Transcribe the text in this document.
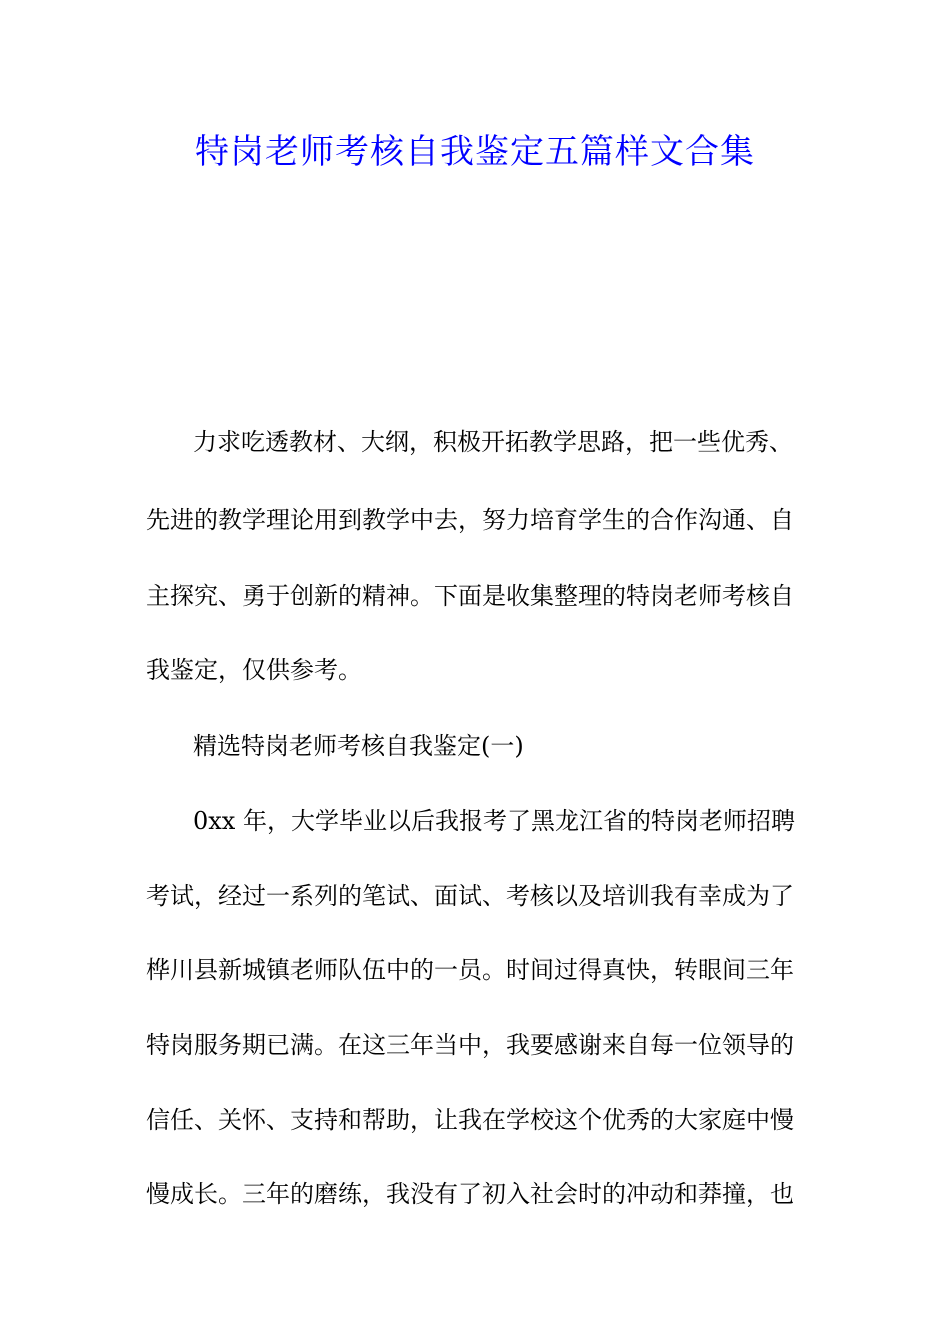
特岗老师考核自我鉴定五篇样文合集

力求吃透教材、大纲，积极开拓教学思路，把一些优秀、

先进的教学理论用到教学中去，努力培育学生的合作沟通、自

主探究、勇于创新的精神。下面是收集整理的特岗老师考核自

我鉴定，仅供参考。

精选特岗老师考核自我鉴定(一)

0xx 年，大学毕业以后我报考了黑龙江省的特岗老师招聘

考试，经过一系列的笔试、面试、考核以及培训我有幸成为了

桦川县新城镇老师队伍中的一员。时间过得真快，转眼间三年

特岗服务期已满。在这三年当中，我要感谢来自每一位领导的

信任、关怀、支持和帮助，让我在学校这个优秀的大家庭中慢

慢成长。三年的磨练，我没有了初入社会时的冲动和莽撞，也
